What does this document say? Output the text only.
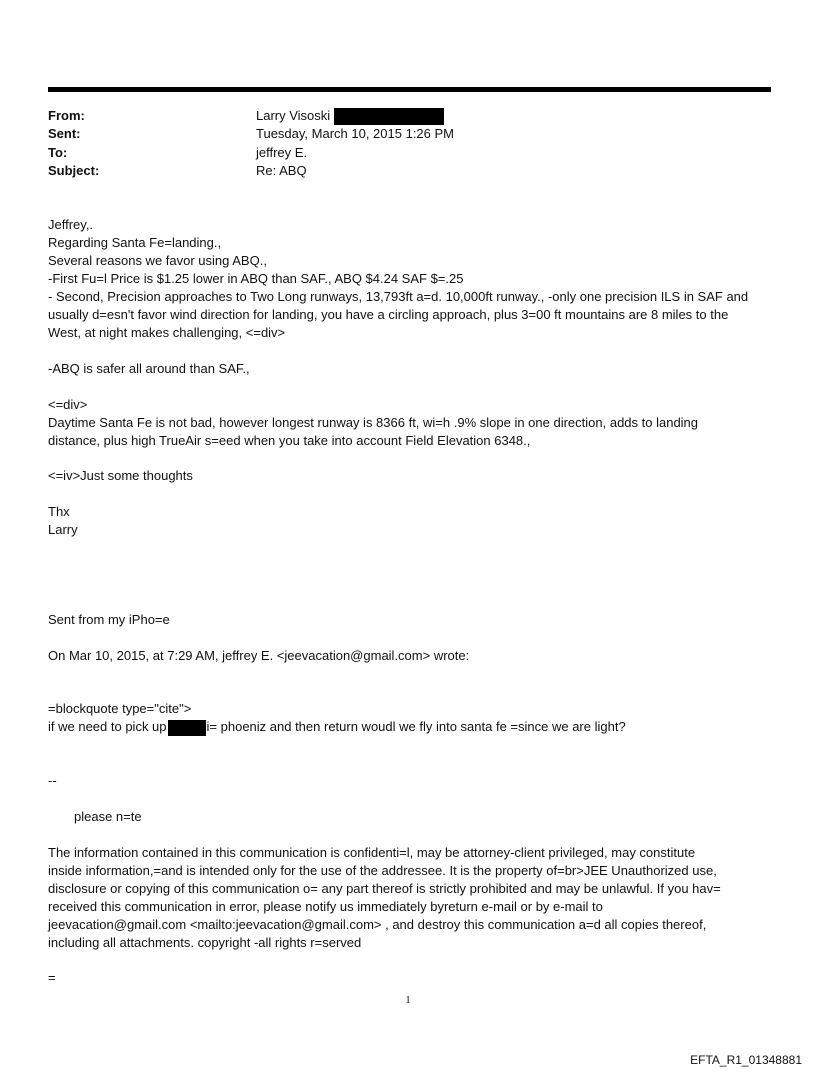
From:	Larry Visoski
Sent:	Tuesday, March 10, 2015 1:26 PM
To:	jeffrey E.
Subject:	Re: ABQ
Jeffrey,.
Regarding Santa Fe=landing.,
Several reasons we favor using ABQ.,
-First Fu=l Price is $1.25 lower in ABQ than SAF., ABQ $4.24 SAF $=.25
- Second, Precision approaches to Two Long runways, 13,793ft a=d. 10,000ft runway., -only one precision ILS in SAF and
usually d=esn't favor wind direction for landing, you have a circling approach, plus 3=00 ft mountains are 8 miles to the
West, at night makes challenging, <=div>
-ABQ is safer all around than SAF.,
<=div>
Daytime Santa Fe is not bad, however longest runway is 8366 ft, wi=h .9% slope in one direction, adds to landing
distance, plus high TrueAir s=eed when you take into account Field Elevation 6348.,
<=iv>Just some thoughts
Thx
Larry
Sent from my iPho=e
On Mar 10, 2015, at 7:29 AM, jeffrey E. <jeevacation@gmail.com> wrote:
=blockquote type="cite">
if we need to pick up	i= phoeniz and then return woudl we fly into santa fe =since we are light?
--
please n=te
The information contained in this communication is confidenti=l, may be attorney-client privileged, may constitute
inside information,=and is intended only for the use of the addressee. It is the property of=br>JEE Unauthorized use,
disclosure or copying of this communication o= any part thereof is strictly prohibited and may be unlawful. If you hav=
received this communication in error, please notify us immediately byreturn e-mail or by e-mail to
jeevacation@gmail.com <mailto:jeevacation@gmail.com> , and destroy this communication a=d all copies thereof,
including all attachments. copyright -all rights r=served
=
1
EFTA_R1_01348881
